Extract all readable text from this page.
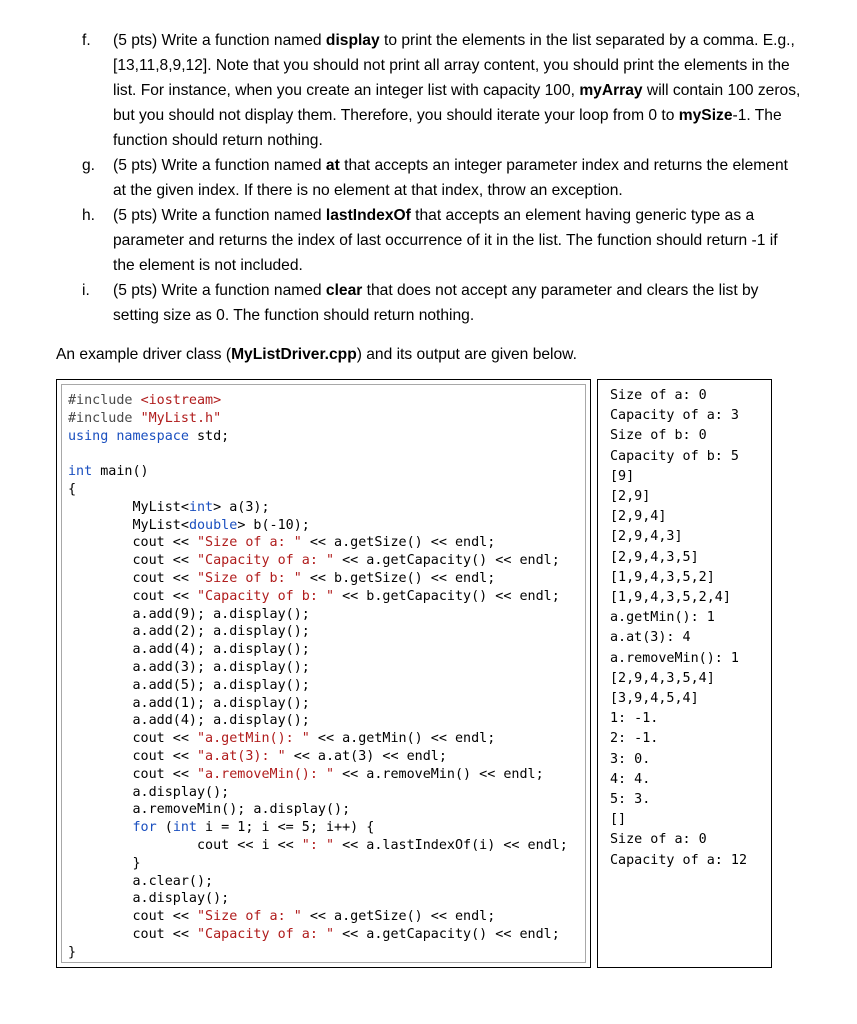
f.	(5 pts) Write a function named display to print the elements in the list separated by a comma. E.g., [13,11,8,9,12]. Note that you should not print all array content, you should print the elements in the list. For instance, when you create an integer list with capacity 100, myArray will contain 100 zeros, but you should not display them. Therefore, you should iterate your loop from 0 to mySize-1. The function should return nothing.
g.	(5 pts) Write a function named at that accepts an integer parameter index and returns the element at the given index. If there is no element at that index, throw an exception.
h.	(5 pts) Write a function named lastIndexOf that accepts an element having generic type as a parameter and returns the index of last occurrence of it in the list. The function should return -1 if the element is not included.
i.	(5 pts) Write a function named clear that does not accept any parameter and clears the list by setting size as 0. The function should return nothing.
An example driver class (MyListDriver.cpp) and its output are given below.
#include <iostream>
#include "MyList.h"
using namespace std;

int main()
{
MyList<int> a(3);
MyList<double> b(-10);
cout << "Size of a: " << a.getSize() << endl;
cout << "Capacity of a: " << a.getCapacity() << endl;
cout << "Size of b: " << b.getSize() << endl;
cout << "Capacity of b: " << b.getCapacity() << endl;
a.add(9); a.display();
a.add(2); a.display();
a.add(4); a.display();
a.add(3); a.display();
a.add(5); a.display();
a.add(1); a.display();
a.add(4); a.display();
cout << "a.getMin(): " << a.getMin() << endl;
cout << "a.at(3): " << a.at(3) << endl;
cout << "a.removeMin(): " << a.removeMin() << endl;
a.display();
a.removeMin(); a.display();
for (int i = 1; i <= 5; i++) {
cout << i << ": " << a.lastIndexOf(i) << endl;
}
a.clear();
a.display();
cout << "Size of a: " << a.getSize() << endl;
cout << "Capacity of a: " << a.getCapacity() << endl;
}

Size of a: 0
Capacity of a: 3
Size of b: 0
Capacity of b: 5
[9]
[2,9]
[2,9,4]
[2,9,4,3]
[2,9,4,3,5]
[1,9,4,3,5,2]
[1,9,4,3,5,2,4]
a.getMin(): 1
a.at(3): 4
a.removeMin(): 1
[2,9,4,3,5,4]
[3,9,4,5,4]
1: -1.
2: -1.
3: 0.
4: 4.
5: 3.
[]
Size of a: 0
Capacity of a: 12
